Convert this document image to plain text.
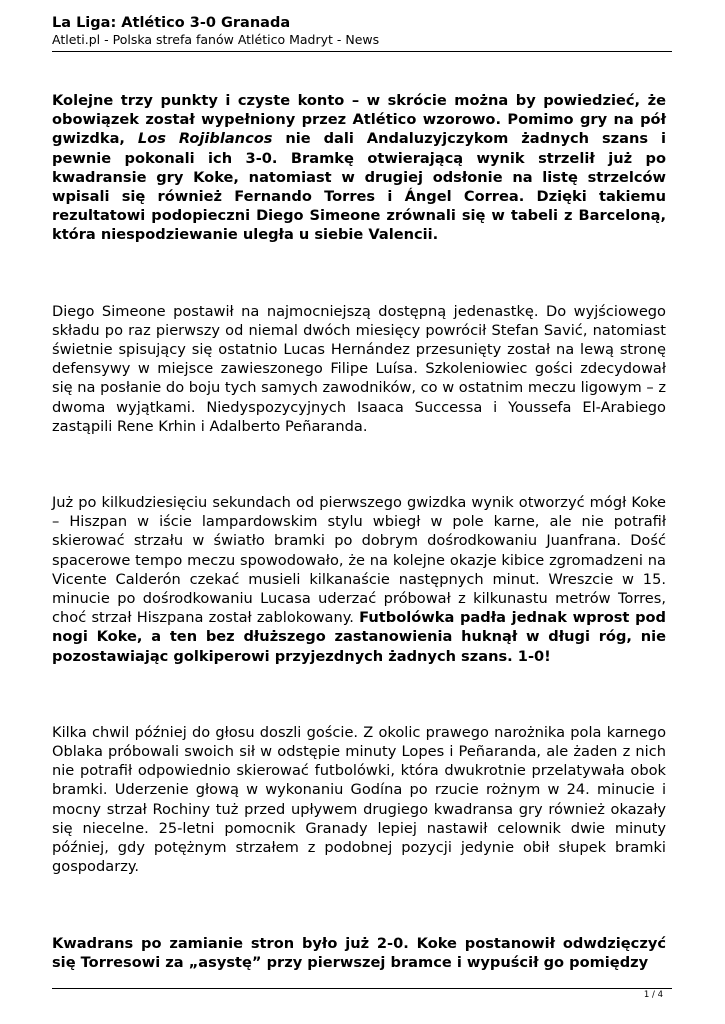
La Liga: Atlético 3-0 Granada
Atleti.pl - Polska strefa fanów Atlético Madryt - News

Kolejne trzy punkty i czyste konto – w skrócie można by powiedzieć, że obowiązek został wypełniony przez Atlético wzorowo. Pomimo gry na pół gwizdka, Los Rojiblancos nie dali Andaluzyjczykom żadnych szans i pewnie pokonali ich 3-0. Bramkę otwierającą wynik strzelił już po kwadransie gry Koke, natomiast w drugiej odsłonie na listę strzelców wpisali się również Fernando Torres i Ángel Correa. Dzięki takiemu rezultatowi podopieczni Diego Simeone zrównali się w tabeli z Barceloną, która niespodziewanie uległa u siebie Valencii.

Diego Simeone postawił na najmocniejszą dostępną jedenastkę. Do wyjściowego składu po raz pierwszy od niemal dwóch miesięcy powrócił Stefan Savić, natomiast świetnie spisujący się ostatnio Lucas Hernández przesunięty został na lewą stronę defensywy w miejsce zawieszonego Filipe Luísa. Szkoleniowiec gości zdecydował się na posłanie do boju tych samych zawodników, co w ostatnim meczu ligowym – z dwoma wyjątkami. Niedyspozycyjnych Isaaca Successa i Youssefa El-Arabiego zastąpili Rene Krhin i Adalberto Peñaranda.

Już po kilkudziesięciu sekundach od pierwszego gwizdka wynik otworzyć mógł Koke – Hiszpan w iście lampardowskim stylu wbiegł w pole karne, ale nie potrafił skierować strzału w światło bramki po dobrym dośrodkowaniu Juanfrana. Dość spacerowe tempo meczu spowodowało, że na kolejne okazje kibice zgromadzeni na Vicente Calderón czekać musieli kilkanaście następnych minut. Wreszcie w 15. minucie po dośrodkowaniu Lucasa uderzać próbował z kilkunastu metrów Torres, choć strzał Hiszpana został zablokowany. Futbolówka padła jednak wprost pod nogi Koke, a ten bez dłuższego zastanowienia huknął w długi róg, nie pozostawiając golkiperowi przyjezdnych żadnych szans. 1-0!

Kilka chwil później do głosu doszli goście. Z okolic prawego narożnika pola karnego Oblaka próbowali swoich sił w odstępie minuty Lopes i Peñaranda, ale żaden z nich nie potrafił odpowiednio skierować futbolówki, która dwukrotnie przelatywała obok bramki. Uderzenie głową w wykonaniu Godína po rzucie rożnym w 24. minucie i mocny strzał Rochiny tuż przed upływem drugiego kwadransa gry również okazały się niecelne. 25-letni pomocnik Granady lepiej nastawił celownik dwie minuty później, gdy potężnym strzałem z podobnej pozycji jedynie obił słupek bramki gospodarzy.

Kwadrans po zamianie stron było już 2-0. Koke postanowił odwdzięczyć się Torresowi za „asystę” przy pierwszej bramce i wypuścił go pomiędzy

1 / 4
